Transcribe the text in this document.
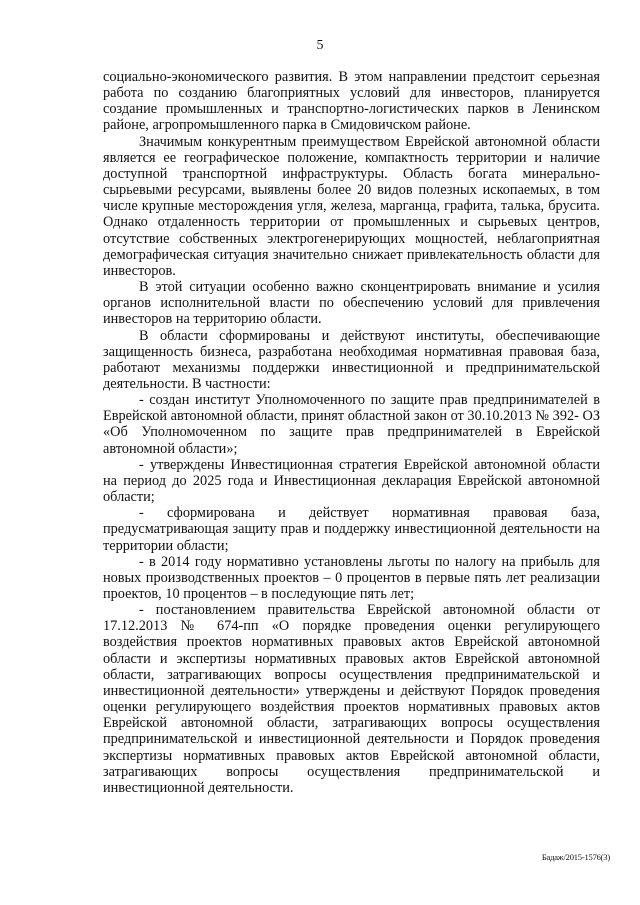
5

социально-экономического развития. В этом направлении предстоит серьезная работа по созданию благоприятных условий для инвесторов, планируется создание промышленных и транспортно-логистических парков в Ленинском районе, агропромышленного парка в Смидовичском районе.

Значимым конкурентным преимуществом Еврейской автономной области является ее географическое положение, компактность территории и наличие доступной транспортной инфраструктуры. Область богата минерально-сырьевыми ресурсами, выявлены более 20 видов полезных ископаемых, в том числе крупные месторождения угля, железа, марганца, графита, талька, брусита. Однако отдаленность территории от промышленных и сырьевых центров, отсутствие собственных электрогенерирующих мощностей, неблагоприятная демографическая ситуация значительно снижает привлекательность области для инвесторов.

В этой ситуации особенно важно сконцентрировать внимание и усилия органов исполнительной власти по обеспечению условий для привлечения инвесторов на территорию области.

В области сформированы и действуют институты, обеспечивающие защищенность бизнеса, разработана необходимая нормативная правовая база, работают механизмы поддержки инвестиционной и предпринимательской деятельности. В частности:

- создан институт Уполномоченного по защите прав предпринимателей в Еврейской автономной области, принят областной закон от 30.10.2013 № 392- ОЗ «Об Уполномоченном по защите прав предпринимателей в Еврейской автономной области»;

- утверждены Инвестиционная стратегия Еврейской автономной области на период до 2025 года и Инвестиционная декларация Еврейской автономной области;

- сформирована и действует нормативная правовая база, предусматривающая защиту прав и поддержку инвестиционной деятельности на территории области;

- в 2014 году нормативно установлены льготы по налогу на прибыль для новых производственных проектов – 0 процентов в первые пять лет реализации проектов, 10 процентов – в последующие пять лет;

- постановлением правительства Еврейской автономной области от 17.12.2013 № 674-пп «О порядке проведения оценки регулирующего воздействия проектов нормативных правовых актов Еврейской автономной области и экспертизы нормативных правовых актов Еврейской автономной области, затрагивающих вопросы осуществления предпринимательской и инвестиционной деятельности» утверждены и действуют Порядок проведения оценки регулирующего воздействия проектов нормативных правовых актов Еврейской автономной области, затрагивающих вопросы осуществления предпринимательской и инвестиционной деятельности и Порядок проведения экспертизы нормативных правовых актов Еврейской автономной области, затрагивающих вопросы осуществления предпринимательской и инвестиционной деятельности.

Бадаж/2015-1576(3)
